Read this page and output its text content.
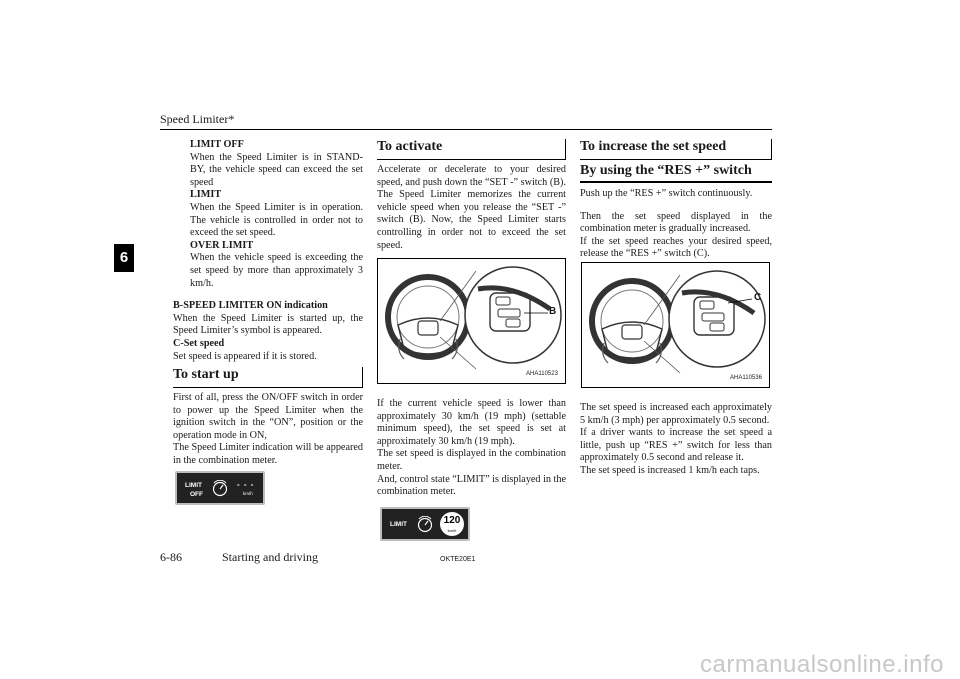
Speed Limiter*
6

LIMIT OFF

When the Speed Limiter is in STAND-BY, the vehicle speed can exceed the set speed

LIMIT

When the Speed Limiter is in operation. The vehicle is controlled in order not to exceed the set speed.

OVER LIMIT

When the vehicle speed is exceeding the set speed by more than approximately 3 km/h.

B-SPEED LIMITER ON indication

When the Speed Limiter is started up, the Speed Limiter’s symbol is appeared.

C-Set speed

Set speed is appeared if it is stored.

To start up

First of all, press the ON/OFF switch in order to power up the Speed Limiter when the ignition switch in the “ON”, position or the operation mode in ON,

The Speed Limiter indication will be appeared in the combination meter.

LIMIT
OFF
- - -
km/h
To activate

Accelerate or decelerate to your desired speed, and push down the “SET -” switch (B). The Speed Limiter memorizes the current vehicle speed when you release the “SET -” switch (B). Now, the Speed Limiter starts controlling in order not to exceed the set speed.

B
AHA110523

If the current vehicle speed is lower than approximately 30 km/h (19 mph) (settable minimum speed), the set speed is set at approximately 30 km/h (19 mph).

The set speed is displayed in the combination meter.

And, control state “LIMIT” is displayed in the combination meter.

LIMIT	120
km/h
To increase the set speed
By using the “RES +” switch

Push up the “RES +” switch continuously.

Then the set speed displayed in the combination meter is gradually increased.

If the set speed reaches your desired speed, release the “RES +” switch (C).

C
AHA110536

The set speed is increased each approximately 5 km/h (3 mph) per approximately 0.5 second.

If a driver wants to increase the set speed a little, push up “RES +” switch for less than approximately 0.5 second and release it.

The set speed is increased 1 km/h each taps.

6-86	Starting and driving	OKTE20E1
carmanualsonline.info
